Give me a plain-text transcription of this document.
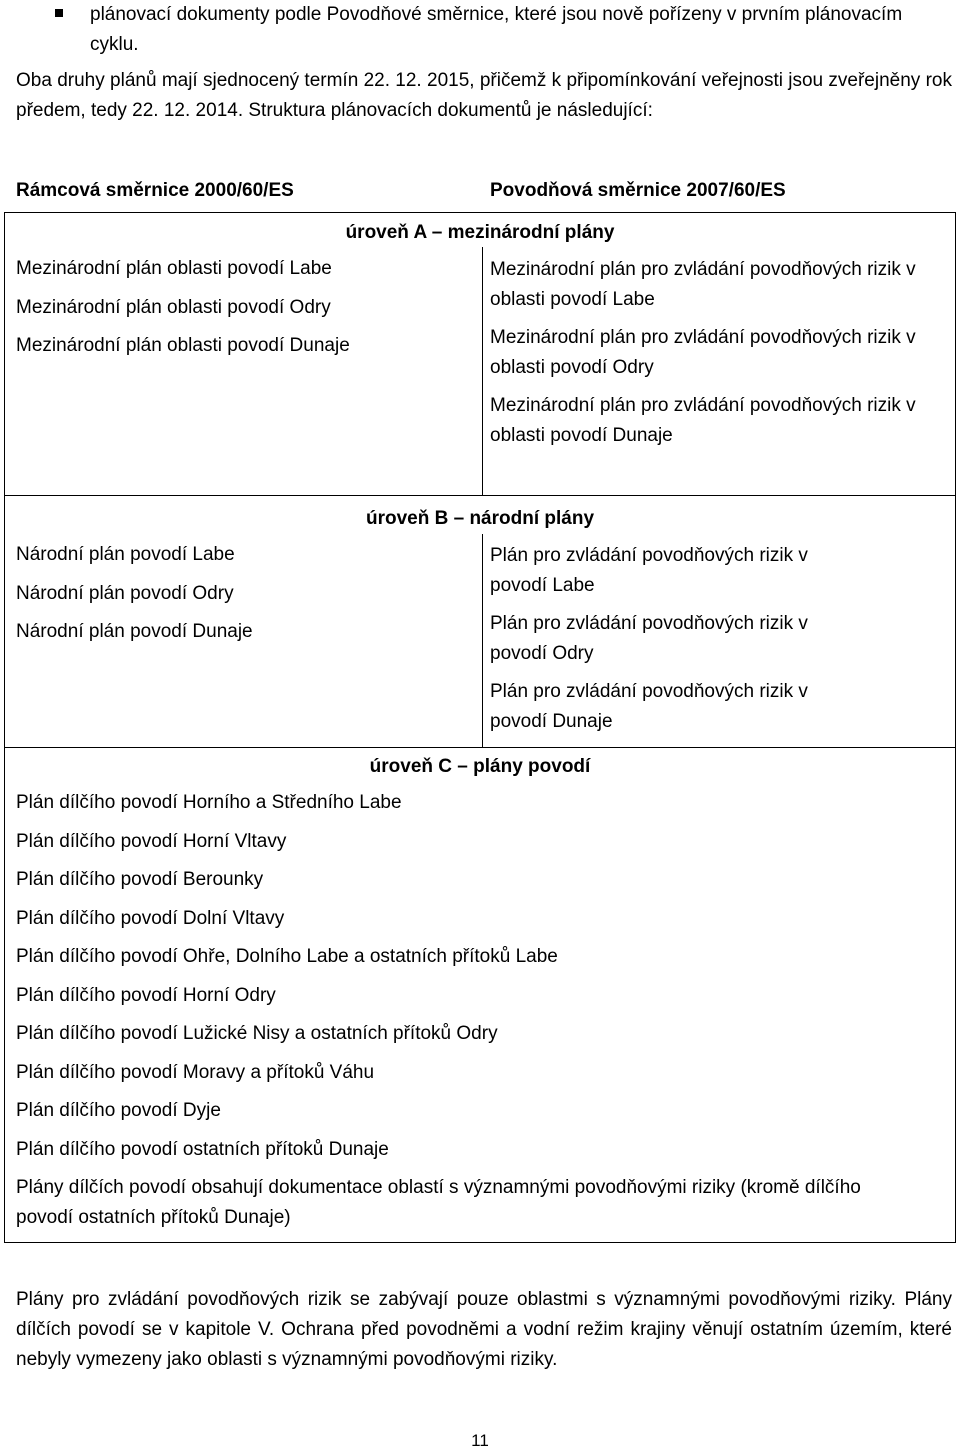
plánovací dokumenty podle Povodňové směrnice, které jsou nově pořízeny v prvním plánovacím cyklu.
Oba druhy plánů mají sjednocený termín 22. 12. 2015, přičemž k připomínkování veřejnosti jsou zveřejněny rok předem, tedy 22. 12. 2014. Struktura plánovacích dokumentů je následující:
Rámcová směrnice 2000/60/ES	Povodňová směrnice 2007/60/ES
úroveň A – mezinárodní plány
Mezinárodní plán oblasti povodí Labe
Mezinárodní plán oblasti povodí Odry
Mezinárodní plán oblasti povodí Dunaje
Mezinárodní plán pro zvládání povodňových rizik v oblasti povodí Labe
Mezinárodní plán pro zvládání povodňových rizik v oblasti povodí Odry
Mezinárodní plán pro zvládání povodňových rizik v oblasti povodí Dunaje
úroveň B – národní plány
Národní plán povodí Labe
Národní plán povodí Odry
Národní plán povodí Dunaje
Plán pro zvládání povodňových rizik v povodí Labe
Plán pro zvládání povodňových rizik v povodí Odry
Plán pro zvládání povodňových rizik v povodí Dunaje
úroveň C – plány povodí
Plán dílčího povodí Horního a Středního Labe
Plán dílčího povodí Horní Vltavy
Plán dílčího povodí Berounky
Plán dílčího povodí Dolní Vltavy
Plán dílčího povodí Ohře, Dolního Labe a ostatních přítoků Labe
Plán dílčího povodí Horní Odry
Plán dílčího povodí Lužické Nisy a ostatních přítoků Odry
Plán dílčího povodí Moravy a přítoků Váhu
Plán dílčího povodí Dyje
Plán dílčího povodí ostatních přítoků Dunaje
Plány dílčích povodí obsahují dokumentace oblastí s významnými povodňovými riziky (kromě dílčího povodí ostatních přítoků Dunaje)
Plány pro zvládání povodňových rizik se zabývají pouze oblastmi s významnými povodňovými riziky. Plány dílčích povodí se v kapitole V. Ochrana před povodněmi a vodní režim krajiny věnují ostatním územím, které nebyly vymezeny jako oblasti s významnými povodňovými riziky.
11
